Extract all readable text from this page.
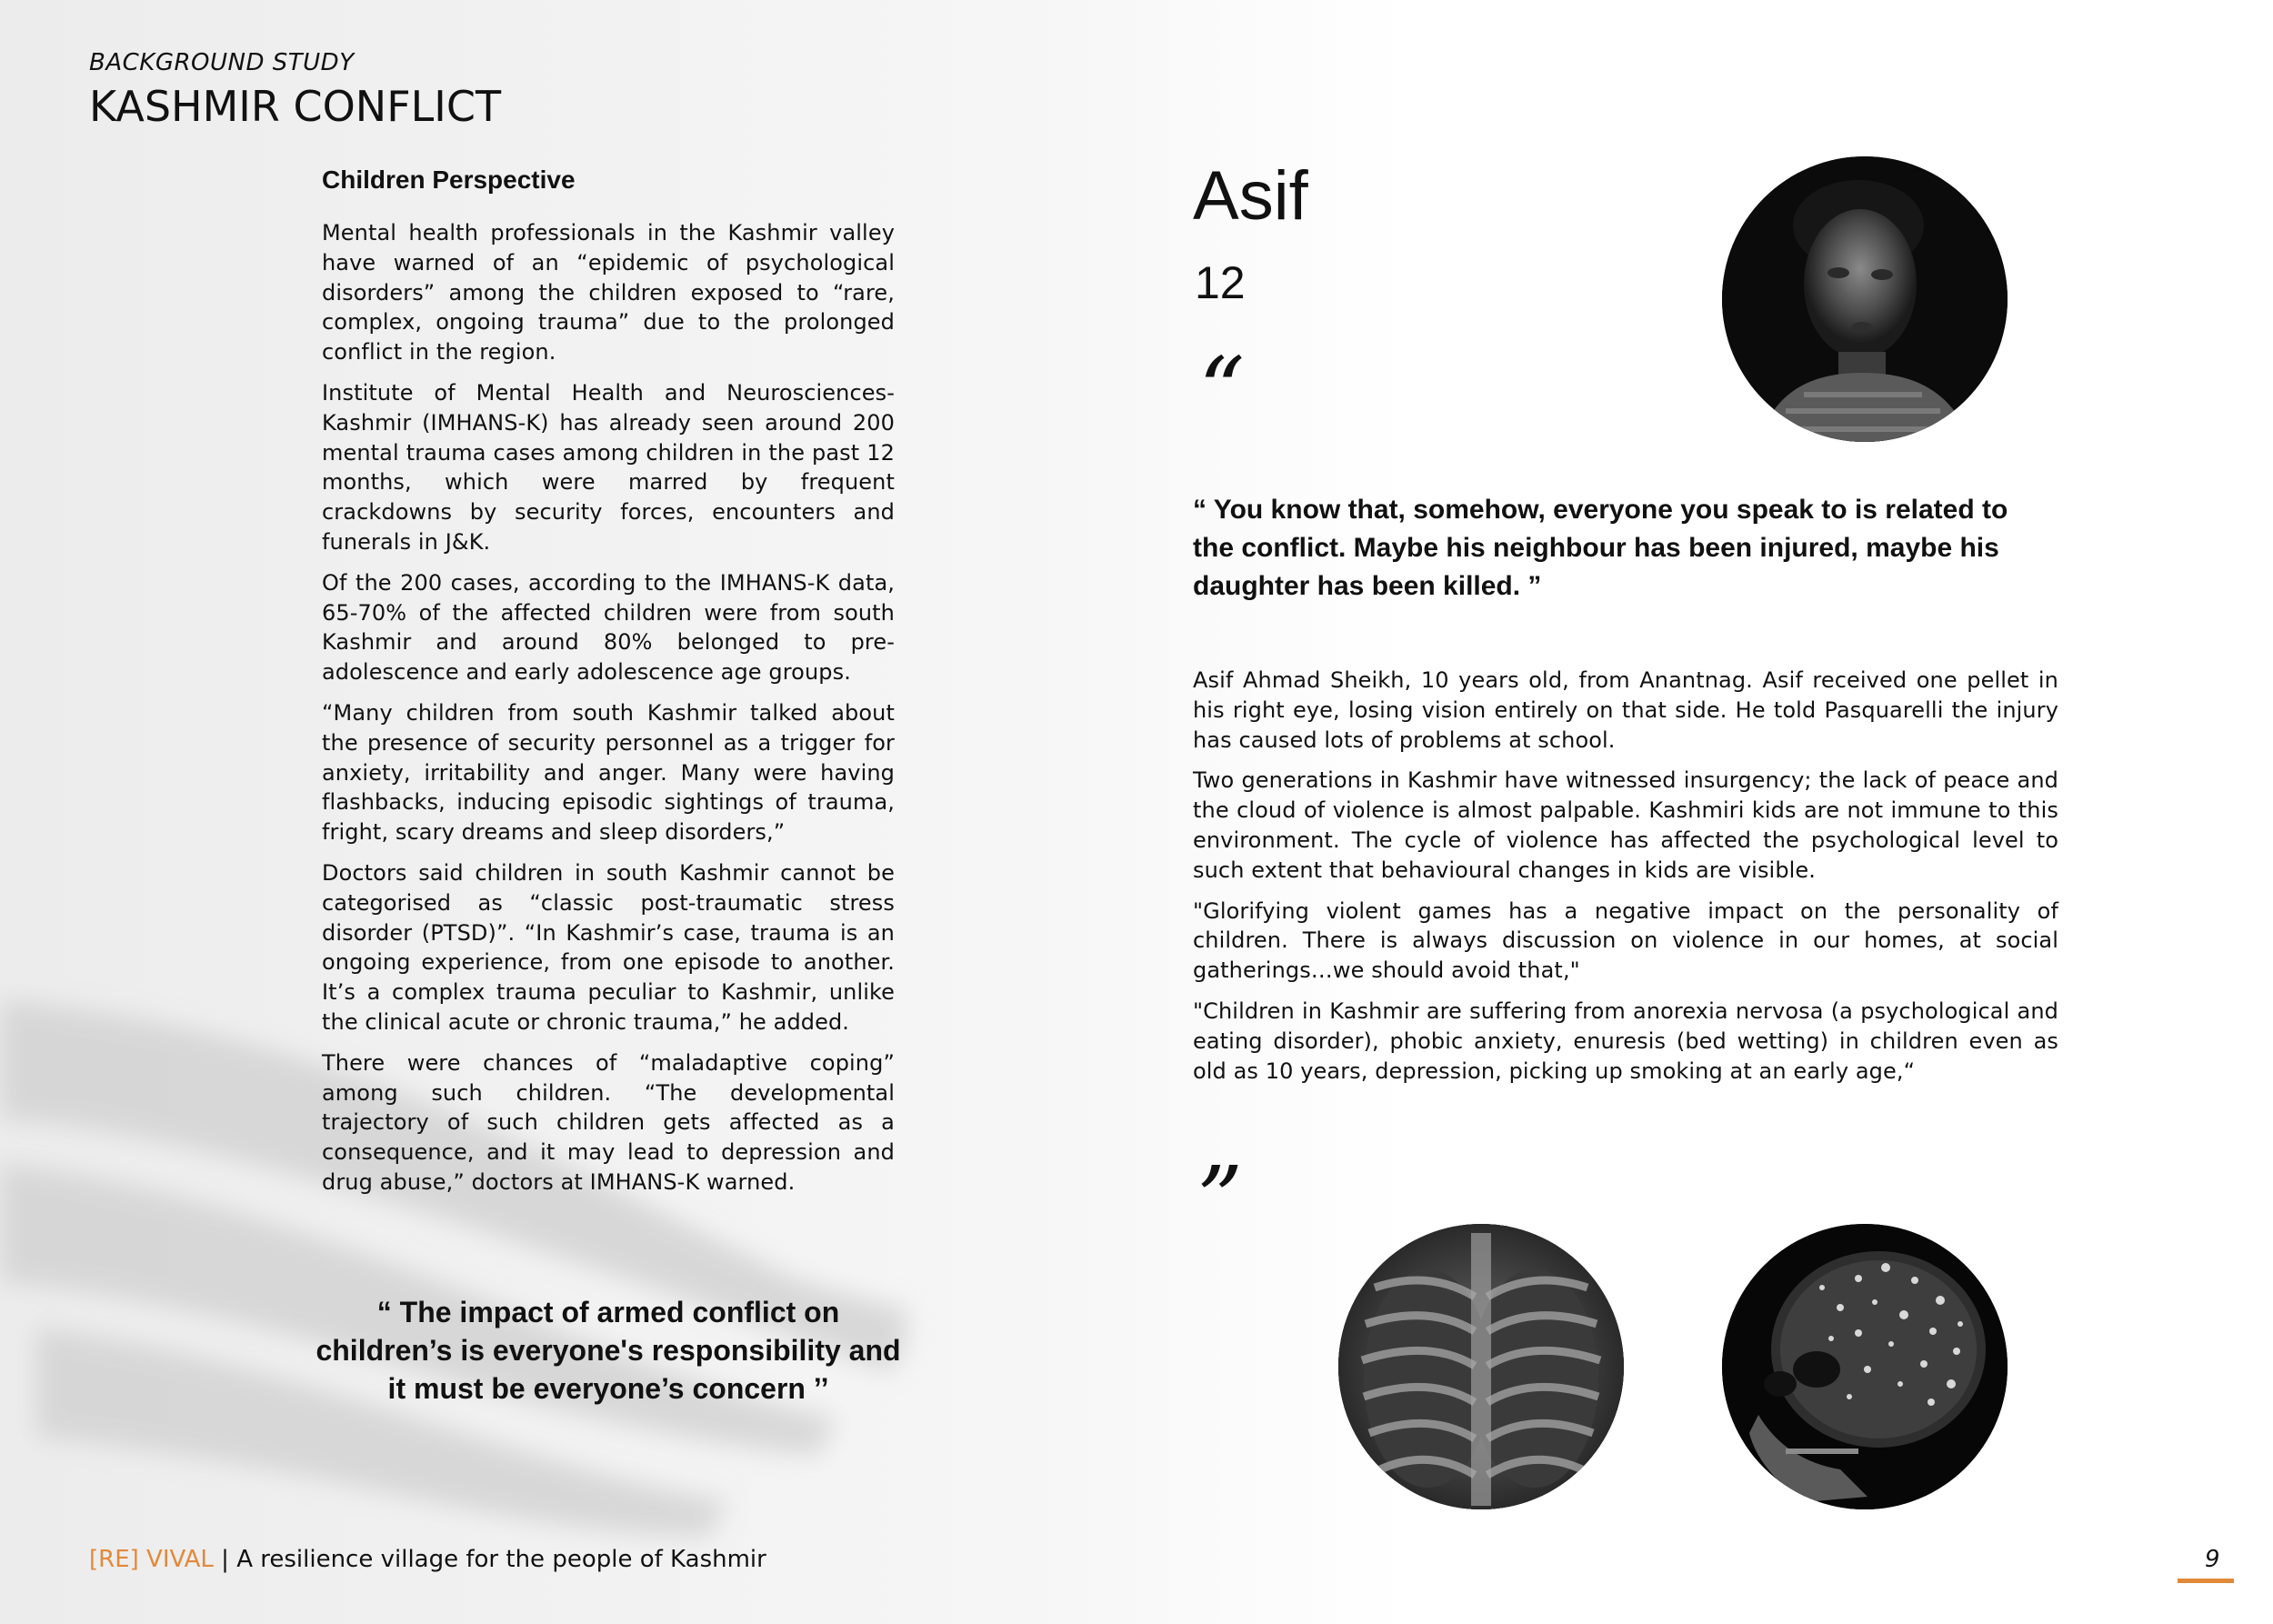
BACKGROUND STUDY
KASHMIR CONFLICT
Children Perspective

Mental health professionals in the Kashmir valley have warned of an “epidemic of psychological disorders” among the children exposed to “rare, complex, ongoing trauma” due to the prolonged conflict in the region.

Institute of Mental Health and Neurosciences-Kashmir (IMHANS-K) has already seen around 200 mental trauma cases among children in the past 12 months, which were marred by frequent crackdowns by security forces, encounters and funerals in J&K.

Of the 200 cases, according to the IMHANS-K data, 65-70% of the affected children were from south Kashmir and around 80% belonged to pre-adolescence and early adolescence age groups.

“Many children from south Kashmir talked about the presence of security personnel as a trigger for anxiety, irritability and anger. Many were having flashbacks, inducing episodic sightings of trauma, fright, scary dreams and sleep disorders,”

Doctors said children in south Kashmir cannot be categorised as “classic post-traumatic stress disorder (PTSD)”. “In Kashmir’s case, trauma is an ongoing experience, from one episode to another. It’s a complex trauma peculiar to Kashmir, unlike the clinical acute or chronic trauma,” he added.

There were chances of “maladaptive coping” among such children. “The developmental trajectory of such children gets affected as a consequence, and it may lead to depression and drug abuse,” doctors at IMHANS-K warned.

“ The impact of armed conflict on children’s is everyone's responsibility and it must be everyone’s concern ’’
Asif
12
“
“ You know that, somehow, everyone you speak to is related to the conflict. Maybe his neighbour has been injured, maybe his daughter has been killed. ”

Asif Ahmad Sheikh, 10 years old, from Anantnag. Asif received one pellet in his right eye, losing vision entirely on that side. He told Pasquarelli the injury has caused lots of problems at school.

Two generations in Kashmir have witnessed insurgency; the lack of peace and the cloud of violence is almost palpable. Kashmiri kids are not immune to this environment. The cycle of violence has affected the psychological level to such extent that behavioural changes in kids are visible.

"Glorifying violent games has a negative impact on the personality of children. There is always discussion on violence in our homes, at social gatherings…we should avoid that,"

"Children in Kashmir are suffering from anorexia nervosa (a psychological and eating disorder), phobic anxiety, enuresis (bed wetting) in children even as old as 10 years, depression, picking up smoking at an early age,“

”
[RE] VIVAL | A resilience village for the people of Kashmir	9
